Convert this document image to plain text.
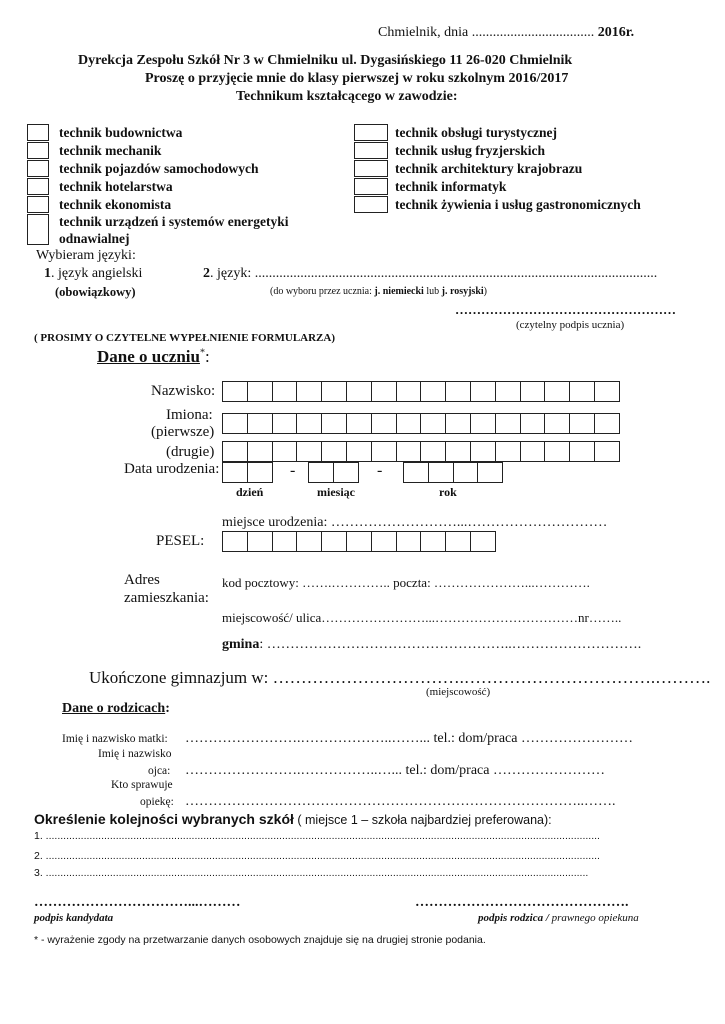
Chmielnik, dnia ................................... 2016r.
Dyrekcja Zespołu Szkół Nr 3 w Chmielniku ul. Dygasińskiego 11 26-020 Chmielnik
Proszę o przyjęcie mnie do klasy pierwszej w roku szkolnym 2016/2017
Technikum kształcącego w zawodzie:
technik budownictwa
technik mechanik
technik pojazdów samochodowych
technik hotelarstwa
technik ekonomista
technik urządzeń i systemów energetyki
odnawialnej
technik obsługi turystycznej
technik usług fryzjerskich
technik architektury krajobrazu
technik informatyk
technik żywienia i usług gastronomicznych
Wybieram języki:
1. język angielski
(obowiązkowy)
2. język: ...................................................................................................................
(do wyboru przez ucznia: j. niemiecki lub j. rosyjski)
……………………………………………
(czytelny podpis ucznia)
( PROSIMY O CZYTELNE WYPEŁNIENIE FORMULARZA)
Dane o uczniu*:
Nazwisko:
Imiona:
(pierwsze)
(drugie)
Data urodzenia:	-	-
dzień	miesiąc	rok
miejsce urodzenia: ………………………...…………………………
PESEL:
Adres
zamieszkania:
kod pocztowy: …….………….. poczta: …………………...………….
miejscowość/ ulica……………………...……………………………nr……..
gmina: ……………………………………………..……………………….
Ukończone gimnazjum w: …………………………….…………………………….……….
(miejscowość)
Dane o rodzicach:
Imię i nazwisko matki: …………………….………………..……... tel.: dom/praca ……………………
Imię i nazwisko
ojca: …………………….……………..…... tel.: dom/praca ……………………
Kto sprawuje
opiekę: …………………………………………………………………………..…….
Określenie kolejności wybranych szkół ( miejsce 1 – szkoła najbardziej preferowana):
1. ..............................................................................................................................................................................................
2. ..............................................................................................................................................................................................
3. ..........................................................................................................................................................................................
……………………………...………
podpis kandydata
……………………………………….
podpis rodzica / prawnego opiekuna
* - wyrażenie zgody na przetwarzanie danych osobowych znajduje się na drugiej stronie podania.
